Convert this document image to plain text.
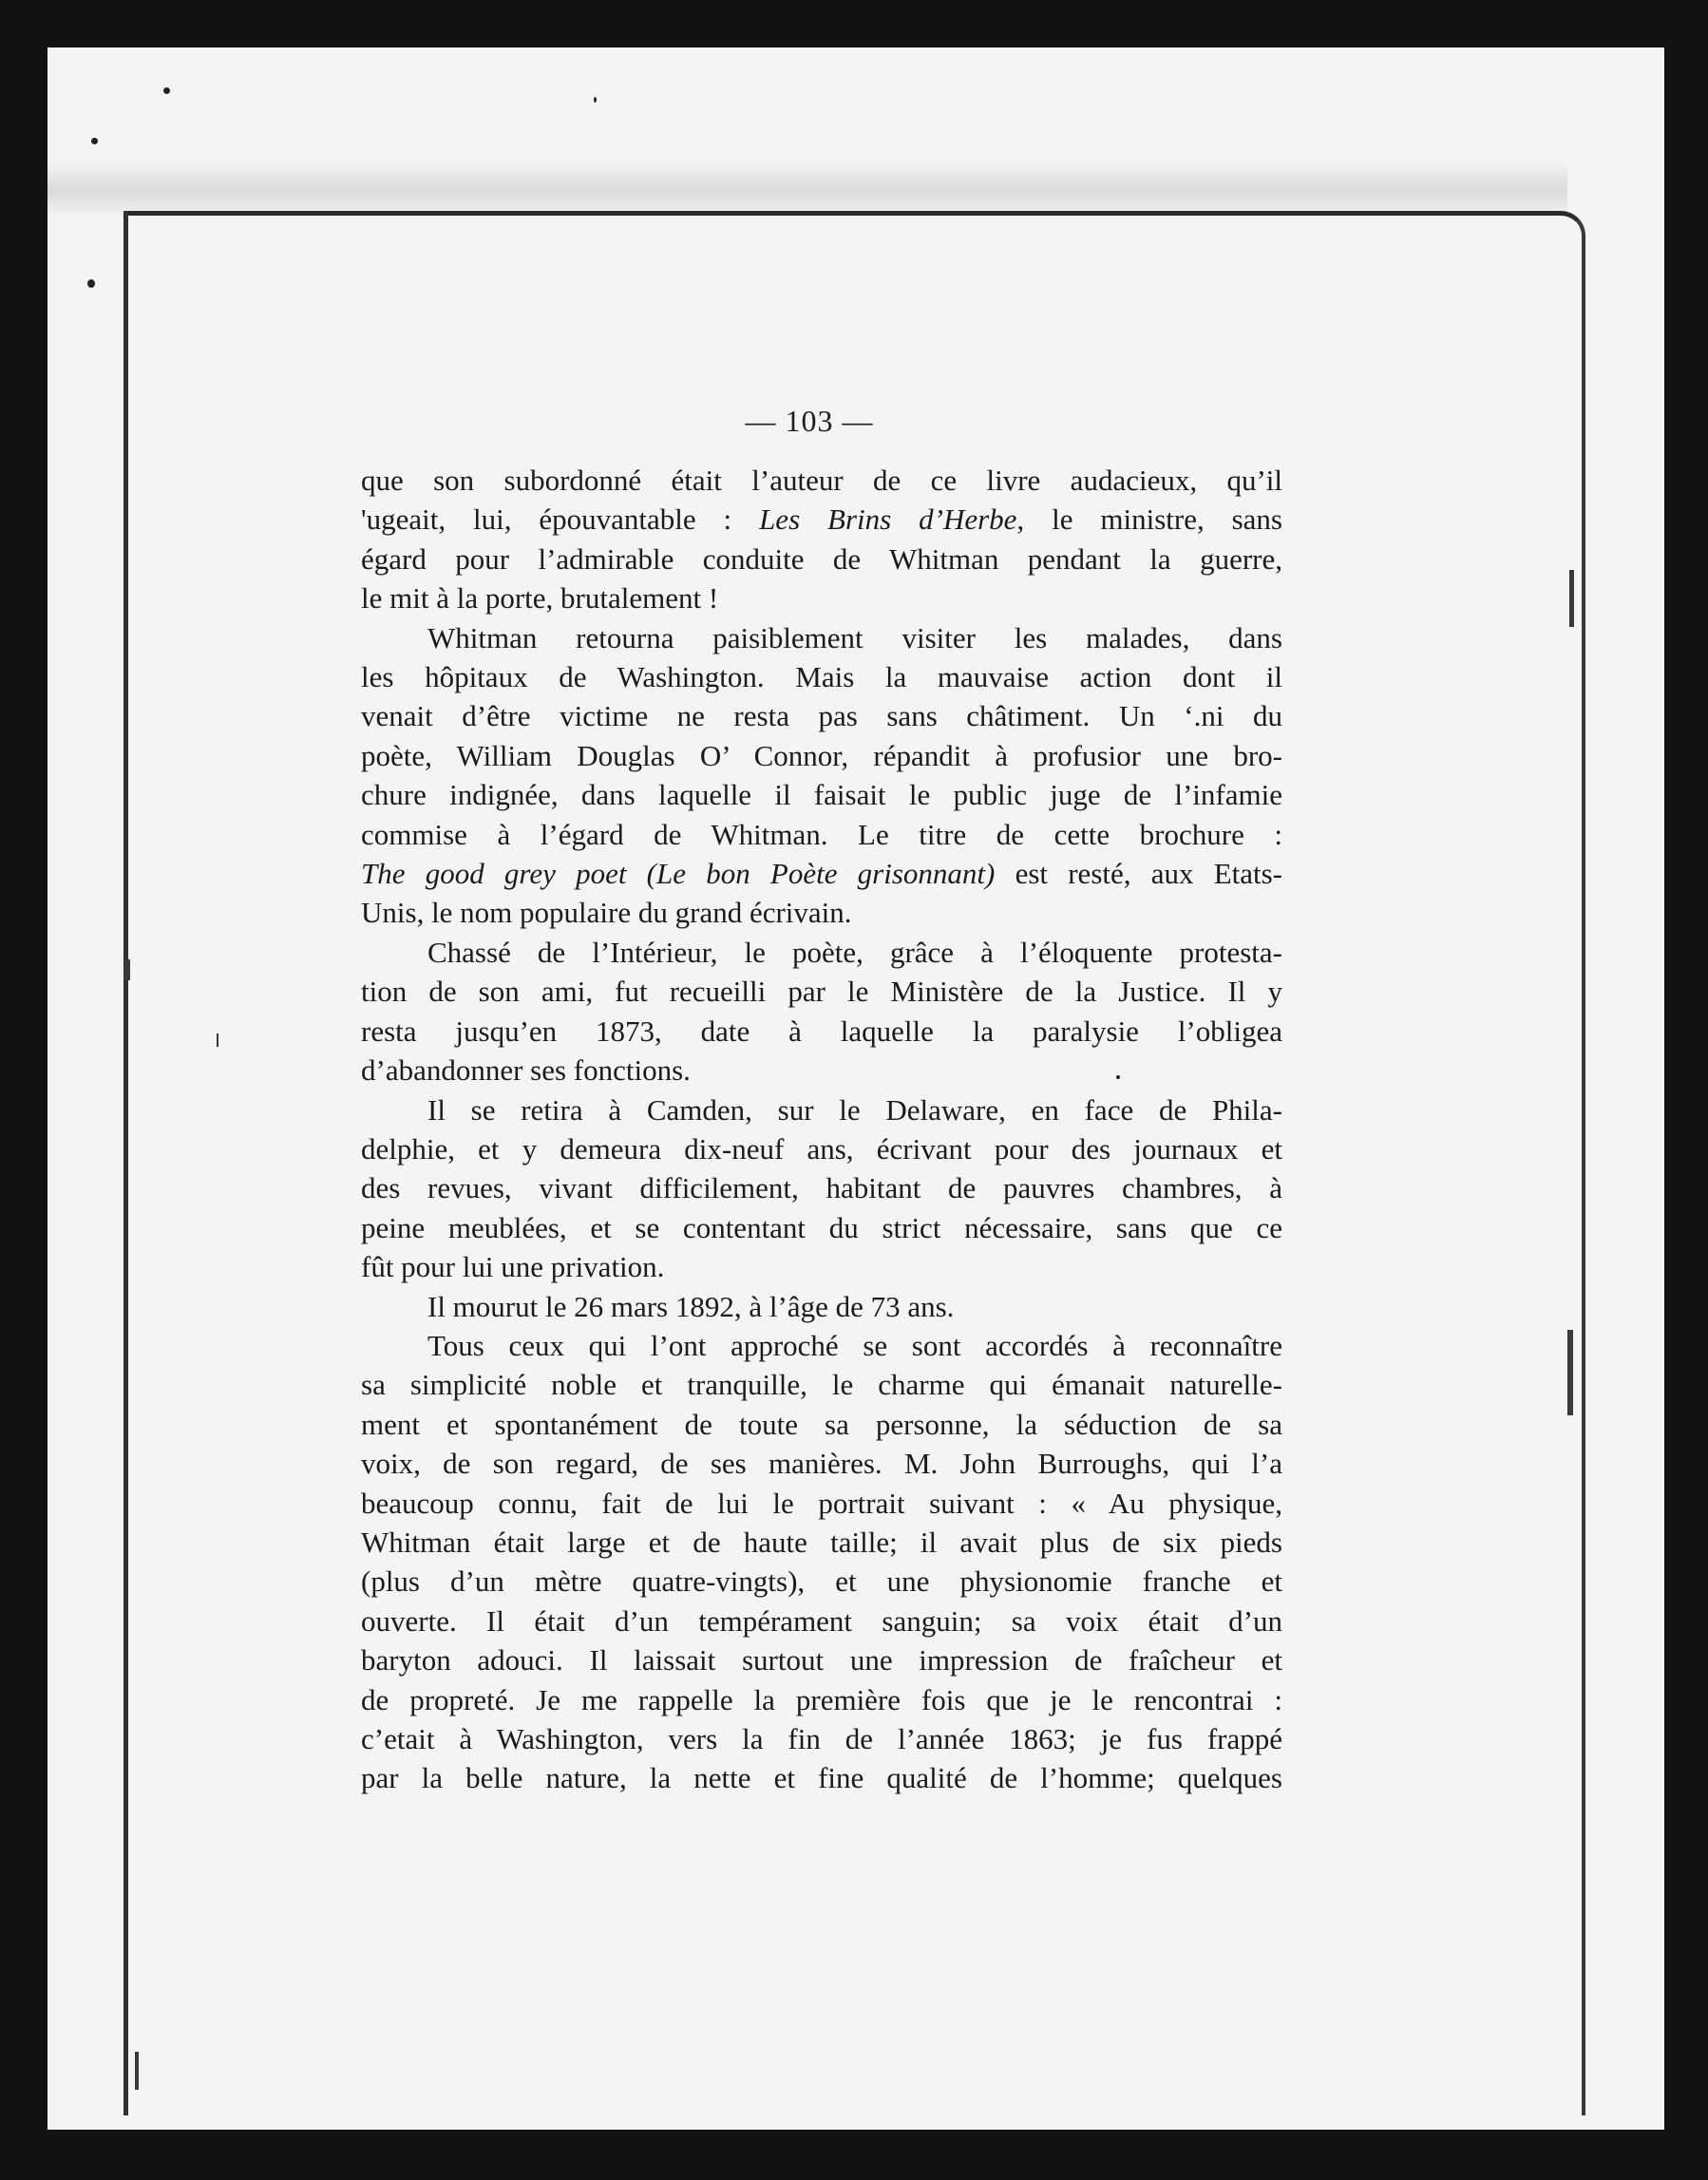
— 103 —
que son subordonné était l’auteur de ce livre audacieux, qu’il
'ugeait, lui, épouvantable : Les Brins d’Herbe, le ministre, sans
égard pour l’admirable conduite de Whitman pendant la guerre,
le mit à la porte, brutalement !
Whitman retourna paisiblement visiter les malades, dans
les hôpitaux de Washington. Mais la mauvaise action dont il
venait d’être victime ne resta pas sans châtiment. Un ‘.ni du
poète, William Douglas O’ Connor, répandit à profusior une bro-
chure indignée, dans laquelle il faisait le public juge de l’infamie
commise à l’égard de Whitman. Le titre de cette brochure :
The good grey poet (Le bon Poète grisonnant) est resté, aux Etats-
Unis, le nom populaire du grand écrivain.
Chassé de l’Intérieur, le poète, grâce à l’éloquente protesta-
tion de son ami, fut recueilli par le Ministère de la Justice. Il y
resta jusqu’en 1873, date à laquelle la paralysie l’obligea
d’abandonner ses fonctions.
Il se retira à Camden, sur le Delaware, en face de Phila-
delphie, et y demeura dix-neuf ans, écrivant pour des journaux et
des revues, vivant difficilement, habitant de pauvres chambres, à
peine meublées, et se contentant du strict nécessaire, sans que ce
fût pour lui une privation.
Il mourut le 26 mars 1892, à l’âge de 73 ans.
Tous ceux qui l’ont approché se sont accordés à reconnaître
sa simplicité noble et tranquille, le charme qui émanait naturelle-
ment et spontanément de toute sa personne, la séduction de sa
voix, de son regard, de ses manières. M. John Burroughs, qui l’a
beaucoup connu, fait de lui le portrait suivant : « Au physique,
Whitman était large et de haute taille; il avait plus de six pieds
(plus d’un mètre quatre-vingts), et une physionomie franche et
ouverte. Il était d’un tempérament sanguin; sa voix était d’un
baryton adouci. Il laissait surtout une impression de fraîcheur et
de propreté. Je me rappelle la première fois que je le rencontrai :
c’etait à Washington, vers la fin de l’année 1863; je fus frappé
par la belle nature, la nette et fine qualité de l’homme; quelques
